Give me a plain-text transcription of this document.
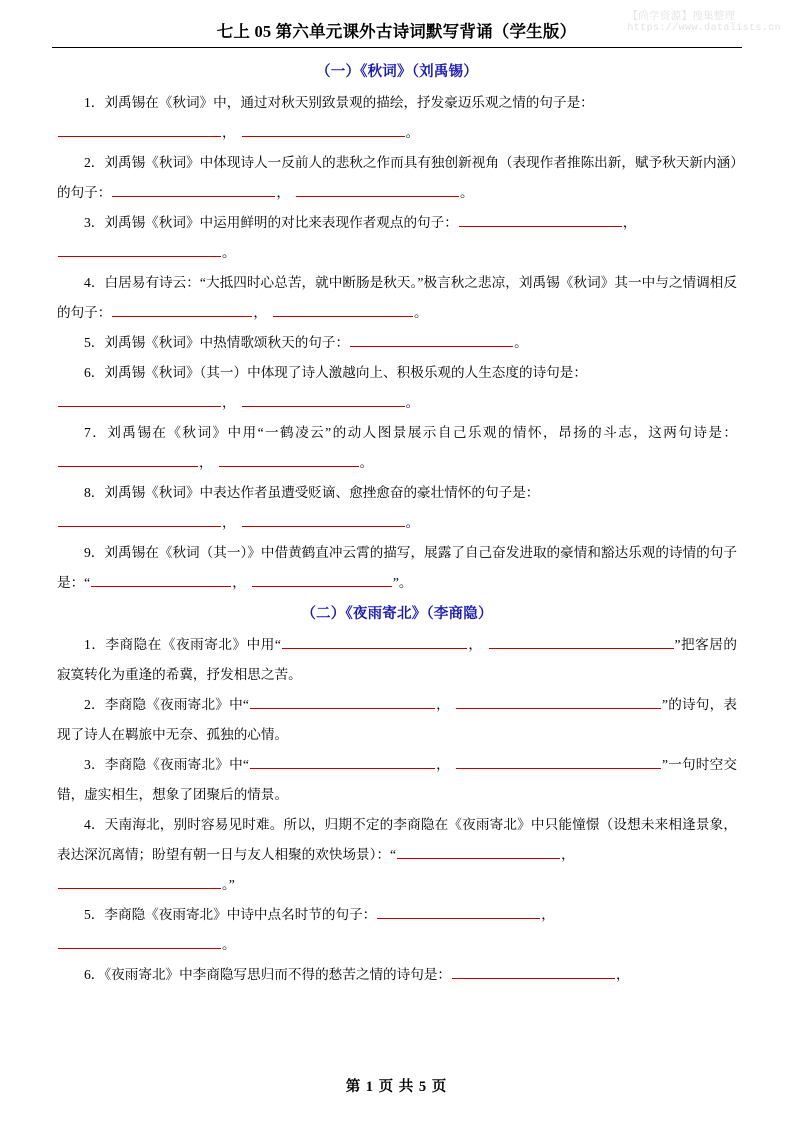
【尚学资源】搜集整理
https://www.datalists.cn
七上 05 第六单元课外古诗词默写背诵（学生版）
（一）《秋词》（刘禹锡）

1．刘禹锡在《秋词》中，通过对秋天别致景观的描绘，抒发豪迈乐观之情的句子是：

，	。

2．刘禹锡《秋词》中体现诗人一反前人的悲秋之作而具有独创新视角（表现作者推陈出新，赋予秋天新内涵）的句子：	，	。

3．刘禹锡《秋词》中运用鲜明的对比来表现作者观点的句子：	，

。

4．白居易有诗云：“大抵四时心总苦，就中断肠是秋天。”极言秋之悲凉，刘禹锡《秋词》其一中与之情调相反的句子：	，	。

5．刘禹锡《秋词》中热情歌颂秋天的句子：	。

6．刘禹锡《秋词》（其一）中体现了诗人激越向上、积极乐观的人生态度的诗句是：

，	。

7．刘禹锡在《秋词》中用“一鹤凌云”的动人图景展示自己乐观的情怀，昂扬的斗志，这两句诗是：，	。

8．刘禹锡《秋词》中表达作者虽遭受贬谪、愈挫愈奋的豪壮情怀的句子是：

，	。

9．刘禹锡在《秋词（其一）》中借黄鹤直冲云霄的描写，展露了自己奋发进取的豪情和豁达乐观的诗情的句子是：“	，	”。

（二）《夜雨寄北》（李商隐）

1．李商隐在《夜雨寄北》中用“	，	”把客居的寂寞转化为重逢的希冀，抒发相思之苦。

2．李商隐《夜雨寄北》中“	，	”的诗句，表现了诗人在羁旅中无奈、孤独的心情。

3．李商隐《夜雨寄北》中“	，	”一句时空交错，虚实相生，想象了团聚后的情景。

4．天南海北，别时容易见时难。所以，归期不定的李商隐在《夜雨寄北》中只能憧憬（设想未来相逢景象，表达深沉离情；盼望有朝一日与友人相聚的欢快场景）：“	，

。”

5．李商隐《夜雨寄北》中诗中点名时节的句子：	，

。

6．《夜雨寄北》中李商隐写思归而不得的愁苦之情的诗句是：	，

第 1 页 共 5 页
